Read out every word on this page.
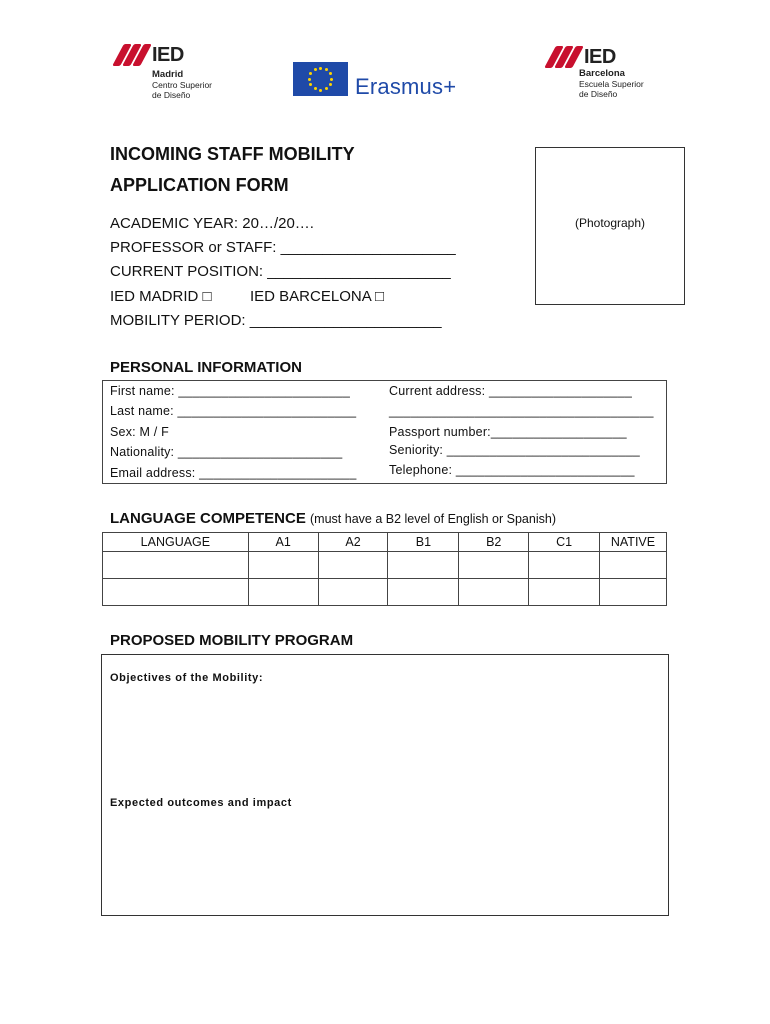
IED
Madrid
Centro Superior
de Diseño	Erasmus+
IED
Barcelona
Escuela Superior
de Diseño
INCOMING STAFF MOBILITY
APPLICATION FORM
ACADEMIC YEAR: 20…/20….
PROFESSOR or STAFF: _____________________
CURRENT POSITION: ______________________
IED MADRID □	IED BARCELONA □
MOBILITY PERIOD: _______________________
(Photograph)
PERSONAL INFORMATION
First name: ________________________
Last name: _________________________
Sex: M / F
Nationality: _______________________
Email address: ______________________
Current address: ____________________
_____________________________________
Passport number:___________________
Seniority: ___________________________
Telephone: _________________________
LANGUAGE COMPETENCE (must have a B2 level of English or Spanish)
LANGUAGE	A1	A2	B1	B2	C1	NATIVE

PROPOSED MOBILITY PROGRAM
Objectives of the Mobility:
Expected outcomes and impact
